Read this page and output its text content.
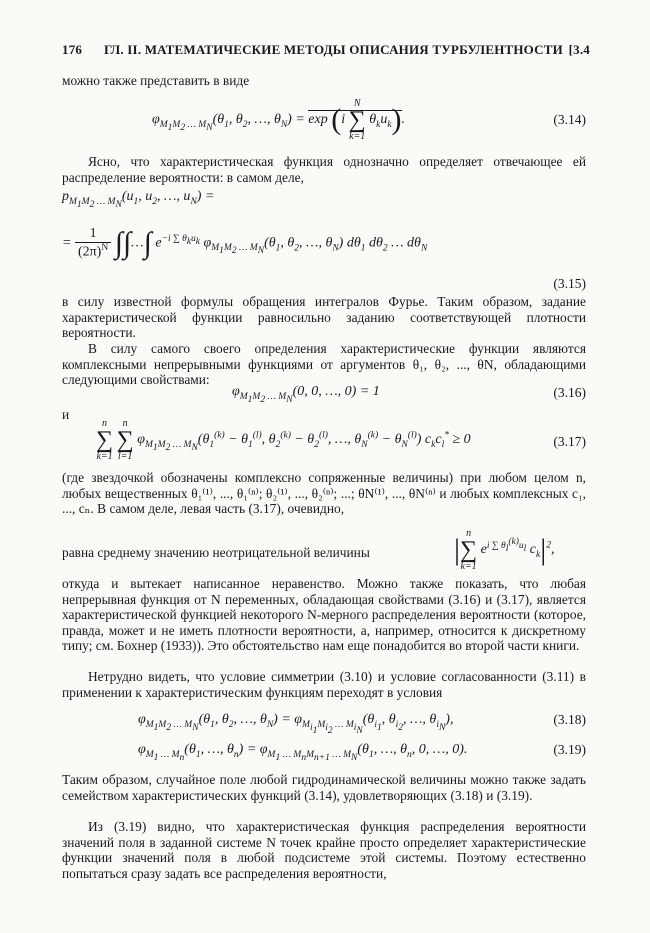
176 ГЛ. II. МАТЕМАТИЧЕСКИЕ МЕТОДЫ ОПИСАНИЯ ТУРБУЛЕНТНОСТИ [3.4
можно также представить в виде
$\varphi_{M_1M_2 \dots M_N}(\theta_1$, $\theta_2$, …, $\theta_N) = \exp (i$
N
∑
k=1
$\theta_ku_k$).	(3.14)
Ясно, что характеристическая функция однозначно определяет отвечающее ей распределение вероятности: в самом деле,
$p_{M_1M_2 \dots M_N}(u_1$, $u_2$, …, $u_N$) =
= $\frac{1}{(2\pi)^N}$ ∫∫…∫ $e^{-i \sum \theta_ku_k}$ $\varphi_{M_1M_2 \dots M_N}(\theta_1$, $\theta_2$, …, $\theta_N$) $d\theta_1$ $d\theta_2$ … $d\theta_N$
(3.15)
в силу известной формулы обращения интегралов Фурье. Таким образом, задание характеристической функции равносильно заданию соответствующей плотности вероятности.
В силу самого своего определения характеристические функции являются комплексными непрерывными функциями от аргументов θ₁, θ₂, ..., θN, обладающими следующими свойствами:
$\varphi_{M_1M_2 \dots M_N}(0$, 0, …, 0) = 1	(3.16)
и
n
∑
k=1

n
∑
l=1
$\varphi_{M_1M_2 \dots M_N}(\theta_1^{(k)} - \theta_1^{(l)}$, $\theta_2^{(k)} - \theta_2^{(l)}$, …, $\theta_N^{(k)} - \theta_N^{(l)}$) $c_kc_l^* \ge 0$	(3.17)
(где звездочкой обозначены комплексно сопряженные величины) при любом целом n, любых вещественных θ₁⁽¹⁾, ..., θ₁⁽ⁿ⁾; θ₂⁽¹⁾, ..., θ₂⁽ⁿ⁾; ...; θN⁽¹⁾, ..., θN⁽ⁿ⁾ и любых комплексных c₁, ..., cₙ. В самом деле, левая часть (3.17), очевидно,
равна среднему значению неотрицательной величины	| n
∑
k=1
$e^{i \sum \theta_l^{(k)}u_l}$ $c_k|^2$,
откуда и вытекает написанное неравенство. Можно также показать, что любая непрерывная функция от N переменных, обладающая свойствами (3.16) и (3.17), является характеристической функцией некоторого N-мерного распределения вероятности (которое, правда, может и не иметь плотности вероятности, а, например, относится к дискретному типу; см. Бохнер (1933)). Это обстоятельство нам еще понадобится во второй части книги.
Нетрудно видеть, что условие симметрии (3.10) и условие согласованности (3.11) в применении к характеристическим функциям переходят в условия
$\varphi_{M_1M_2 \dots M_N}(\theta_1$, $\theta_2$, …, $\theta_N) = \varphi_{M_{i_1}M_{i_2} \dots M_{i_N}}(\theta_{i_1}$, $\theta_{i_2}$, …, $\theta_{i_N}$),	(3.18)
$\varphi_{M_1 \dots M_n}(\theta_1$, …, $\theta_n) = \varphi_{M_1 \dots M_nM_{n+1} \dots M_N}(\theta_1$, …, $\theta_n$, 0, …, 0).	(3.19)
Таким образом, случайное поле любой гидродинамической величины можно также задать семейством характеристических функций (3.14), удовлетворяющих (3.18) и (3.19).
Из (3.19) видно, что характеристическая функция распределения вероятности значений поля в заданной системе N точек крайне просто определяет характеристические функции значений поля в любой подсистеме этой системы. Поэтому естественно попытаться сразу задать все распределения вероятности,
